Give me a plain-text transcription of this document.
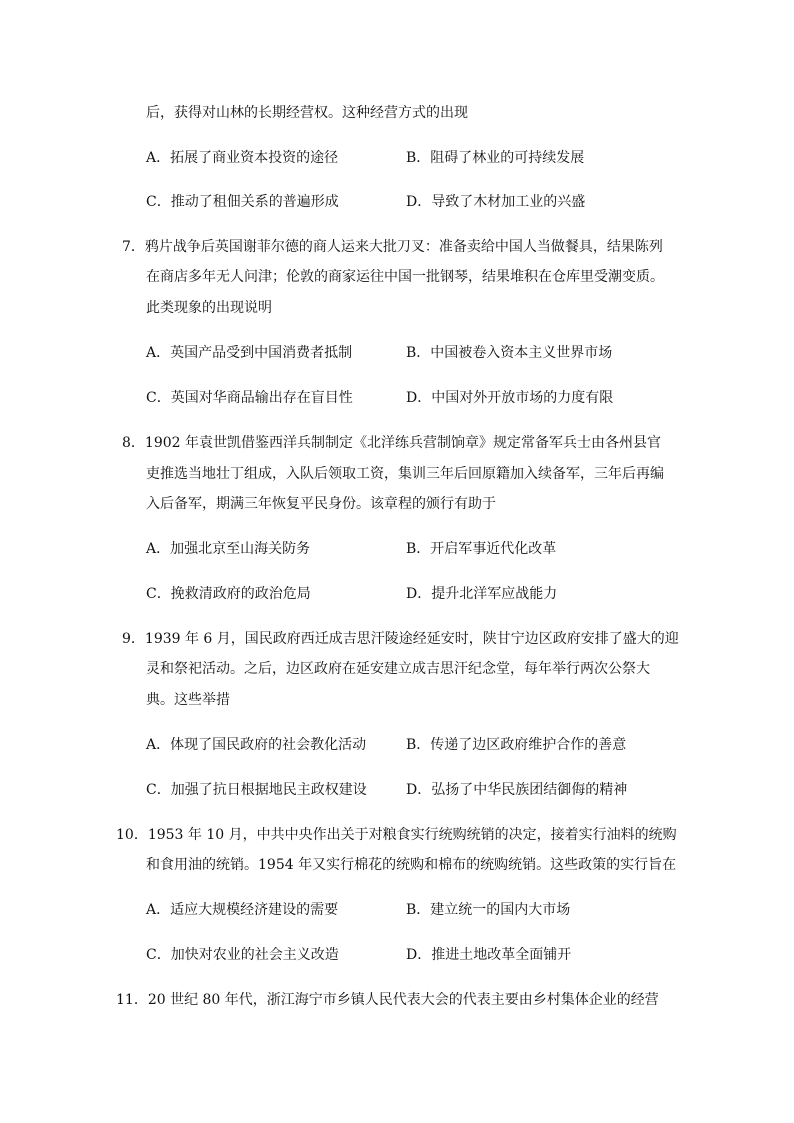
后，获得对山林的长期经营权。这种经营方式的出现
A．拓展了商业资本投资的途径	B．阻碍了林业的可持续发展
C．推动了租佃关系的普遍形成	D．导致了木材加工业的兴盛
7．鸦片战争后英国谢菲尔德的商人运来大批刀叉：准备卖给中国人当做餐具，结果陈列
在商店多年无人问津；伦敦的商家运往中国一批钢琴，结果堆积在仓库里受潮变质。
此类现象的出现说明
A．英国产品受到中国消费者抵制	B．中国被卷入资本主义世界市场
C．英国对华商品输出存在盲目性	D．中国对外开放市场的力度有限
8．1902 年袁世凯借鉴西洋兵制制定《北洋练兵营制饷章》规定常备军兵士由各州县官
吏推选当地壮丁组成，入队后领取工资，集训三年后回原籍加入续备军，三年后再编
入后备军，期满三年恢复平民身份。该章程的颁行有助于
A．加强北京至山海关防务	B．开启军事近代化改革
C．挽救清政府的政治危局	D．提升北洋军应战能力
9．1939 年 6 月，国民政府西迁成吉思汗陵途经延安时，陕甘宁边区政府安排了盛大的迎
灵和祭祀活动。之后，边区政府在延安建立成吉思汗纪念堂，每年举行两次公祭大
典。这些举措
A．体现了国民政府的社会教化活动	B．传递了边区政府维护合作的善意
C．加强了抗日根据地民主政权建设	D．弘扬了中华民族团结御侮的精神
10．1953 年 10 月，中共中央作出关于对粮食实行统购统销的决定，接着实行油料的统购
和食用油的统销。1954 年又实行棉花的统购和棉布的统购统销。这些政策的实行旨在
A．适应大规模经济建设的需要	B．建立统一的国内大市场
C．加快对农业的社会主义改造	D．推进土地改革全面铺开
11．20 世纪 80 年代，浙江海宁市乡镇人民代表大会的代表主要由乡村集体企业的经营
